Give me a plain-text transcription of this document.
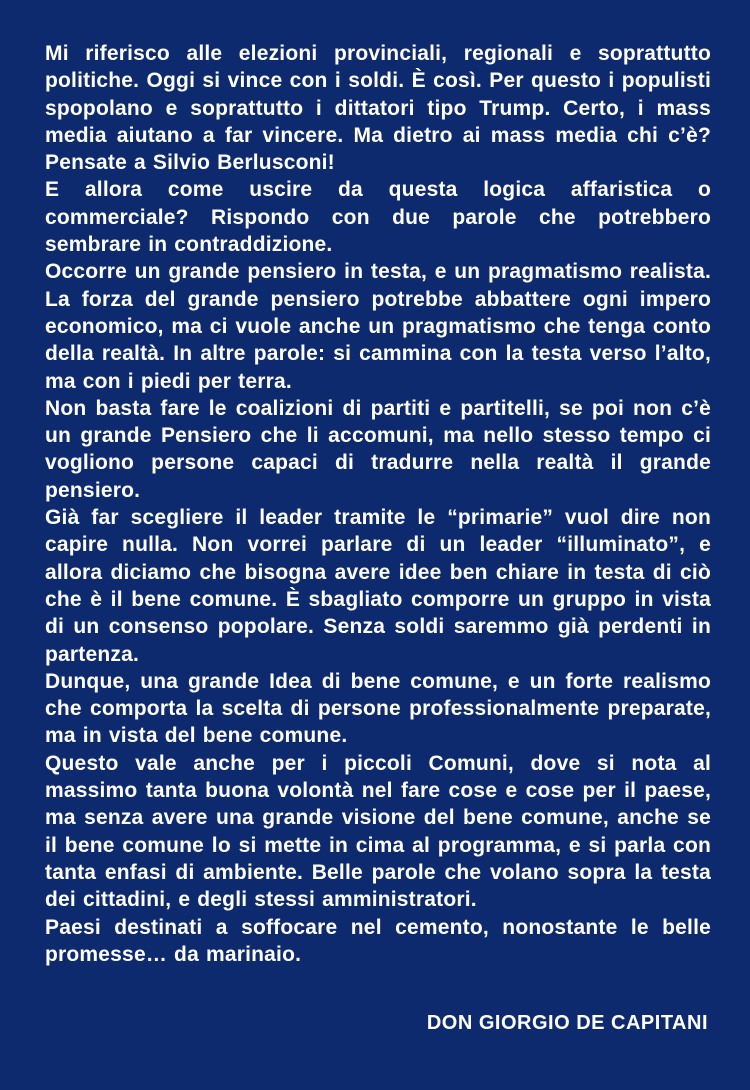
Mi riferisco alle elezioni provinciali, regionali e soprattutto politiche. Oggi si vince con i soldi. È così. Per questo i populisti spopolano e soprattutto i dittatori tipo Trump. Certo, i mass media aiutano a far vincere. Ma dietro ai mass media chi c’è? Pensate a Silvio Berlusconi!

E allora come uscire da questa logica affaristica o commerciale? Rispondo con due parole che potrebbero sembrare in contraddizione.

Occorre un grande pensiero in testa, e un pragmatismo realista. La forza del grande pensiero potrebbe abbattere ogni impero economico, ma ci vuole anche un pragmatismo che tenga conto della realtà. In altre parole: si cammina con la testa verso l’alto, ma con i piedi per terra.

Non basta fare le coalizioni di partiti e partitelli, se poi non c’è un grande Pensiero che li accomuni, ma nello stesso tempo ci vogliono persone capaci di tradurre nella realtà il grande pensiero.

Già far scegliere il leader tramite le “primarie” vuol dire non capire nulla. Non vorrei parlare di un leader “illuminato”, e allora diciamo che bisogna avere idee ben chiare in testa di ciò che è il bene comune. È sbagliato comporre un gruppo in vista di un consenso popolare. Senza soldi saremmo già perdenti in partenza.

Dunque, una grande Idea di bene comune, e un forte realismo che comporta la scelta di persone professionalmente preparate, ma in vista del bene comune.

Questo vale anche per i piccoli Comuni, dove si nota al massimo tanta buona volontà nel fare cose e cose per il paese, ma senza avere una grande visione del bene comune, anche se il bene comune lo si mette in cima al programma, e si parla con tanta enfasi di ambiente. Belle parole che volano sopra la testa dei cittadini, e degli stessi amministratori.

Paesi destinati a soffocare nel cemento, nonostante le belle promesse… da marinaio.

DON GIORGIO DE CAPITANI
